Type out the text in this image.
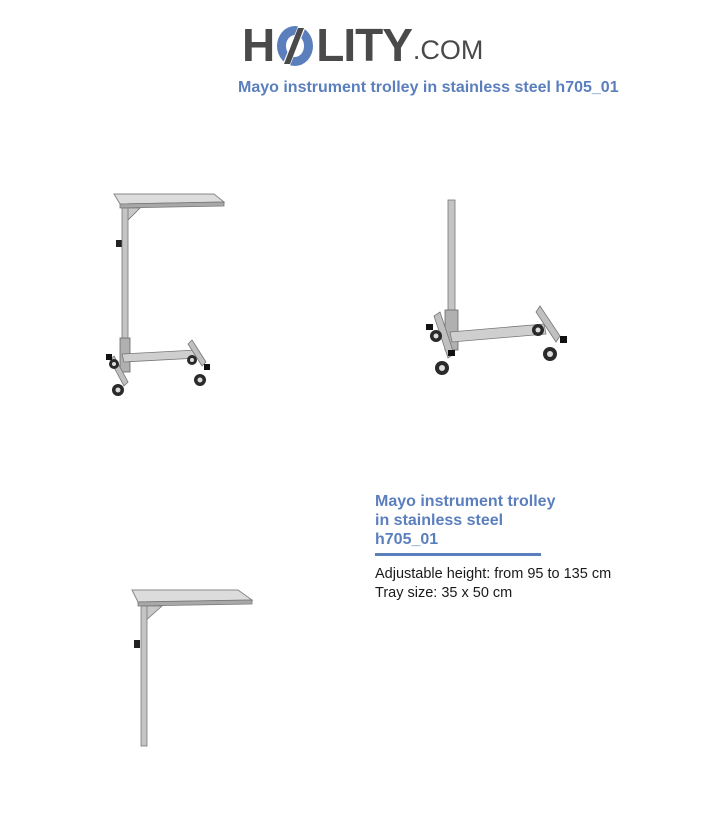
H LITY .COM
Mayo instrument trolley in stainless steel h705_01
Mayo instrument trolley
in stainless steel
h705_01
Adjustable height: from 95 to 135 cm
Tray size: 35 x 50 cm
